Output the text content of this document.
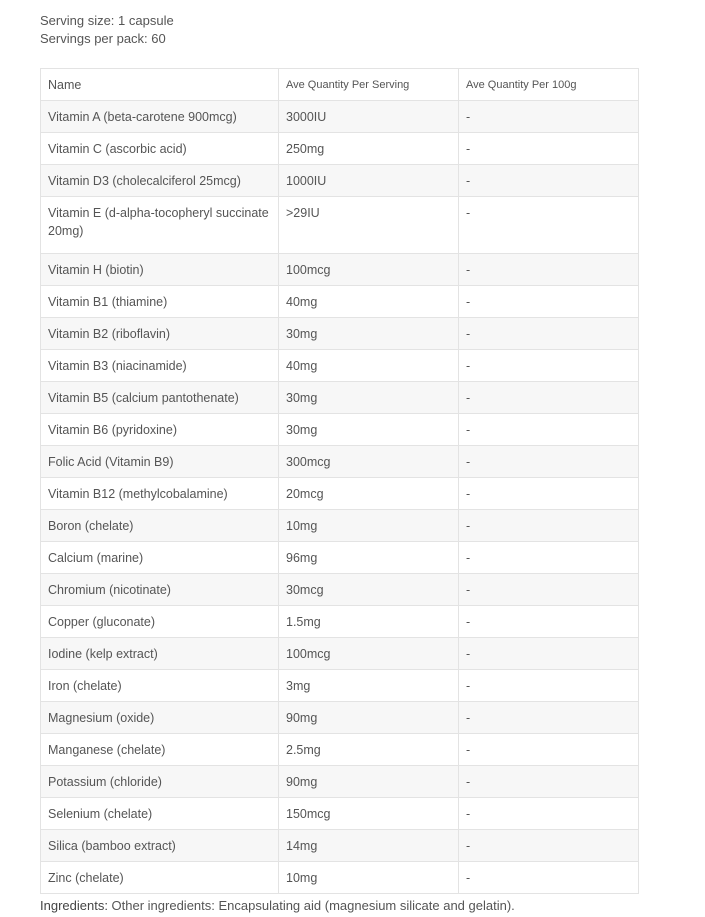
Serving size: 1 capsule
Servings per pack: 60
Name	Ave Quantity Per Serving	Ave Quantity Per 100g
Vitamin A (beta-carotene 900mcg)	3000IU	-
Vitamin C (ascorbic acid)	250mg	-
Vitamin D3 (cholecalciferol 25mcg)	1000IU	-
Vitamin E (d-alpha-tocopheryl succinate 20mg)	>29IU	-
Vitamin H (biotin)	100mcg	-
Vitamin B1 (thiamine)	40mg	-
Vitamin B2 (riboflavin)	30mg	-
Vitamin B3 (niacinamide)	40mg	-
Vitamin B5 (calcium pantothenate)	30mg	-
Vitamin B6 (pyridoxine)	30mg	-
Folic Acid (Vitamin B9)	300mcg	-
Vitamin B12 (methylcobalamine)	20mcg	-
Boron (chelate)	10mg	-
Calcium (marine)	96mg	-
Chromium (nicotinate)	30mcg	-
Copper (gluconate)	1.5mg	-
Iodine (kelp extract)	100mcg	-
Iron (chelate)	3mg	-
Magnesium (oxide)	90mg	-
Manganese (chelate)	2.5mg	-
Potassium (chloride)	90mg	-
Selenium (chelate)	150mcg	-
Silica (bamboo extract)	14mg	-
Zinc (chelate)	10mg	-
Ingredients: Other ingredients: Encapsulating aid (magnesium silicate and gelatin).
